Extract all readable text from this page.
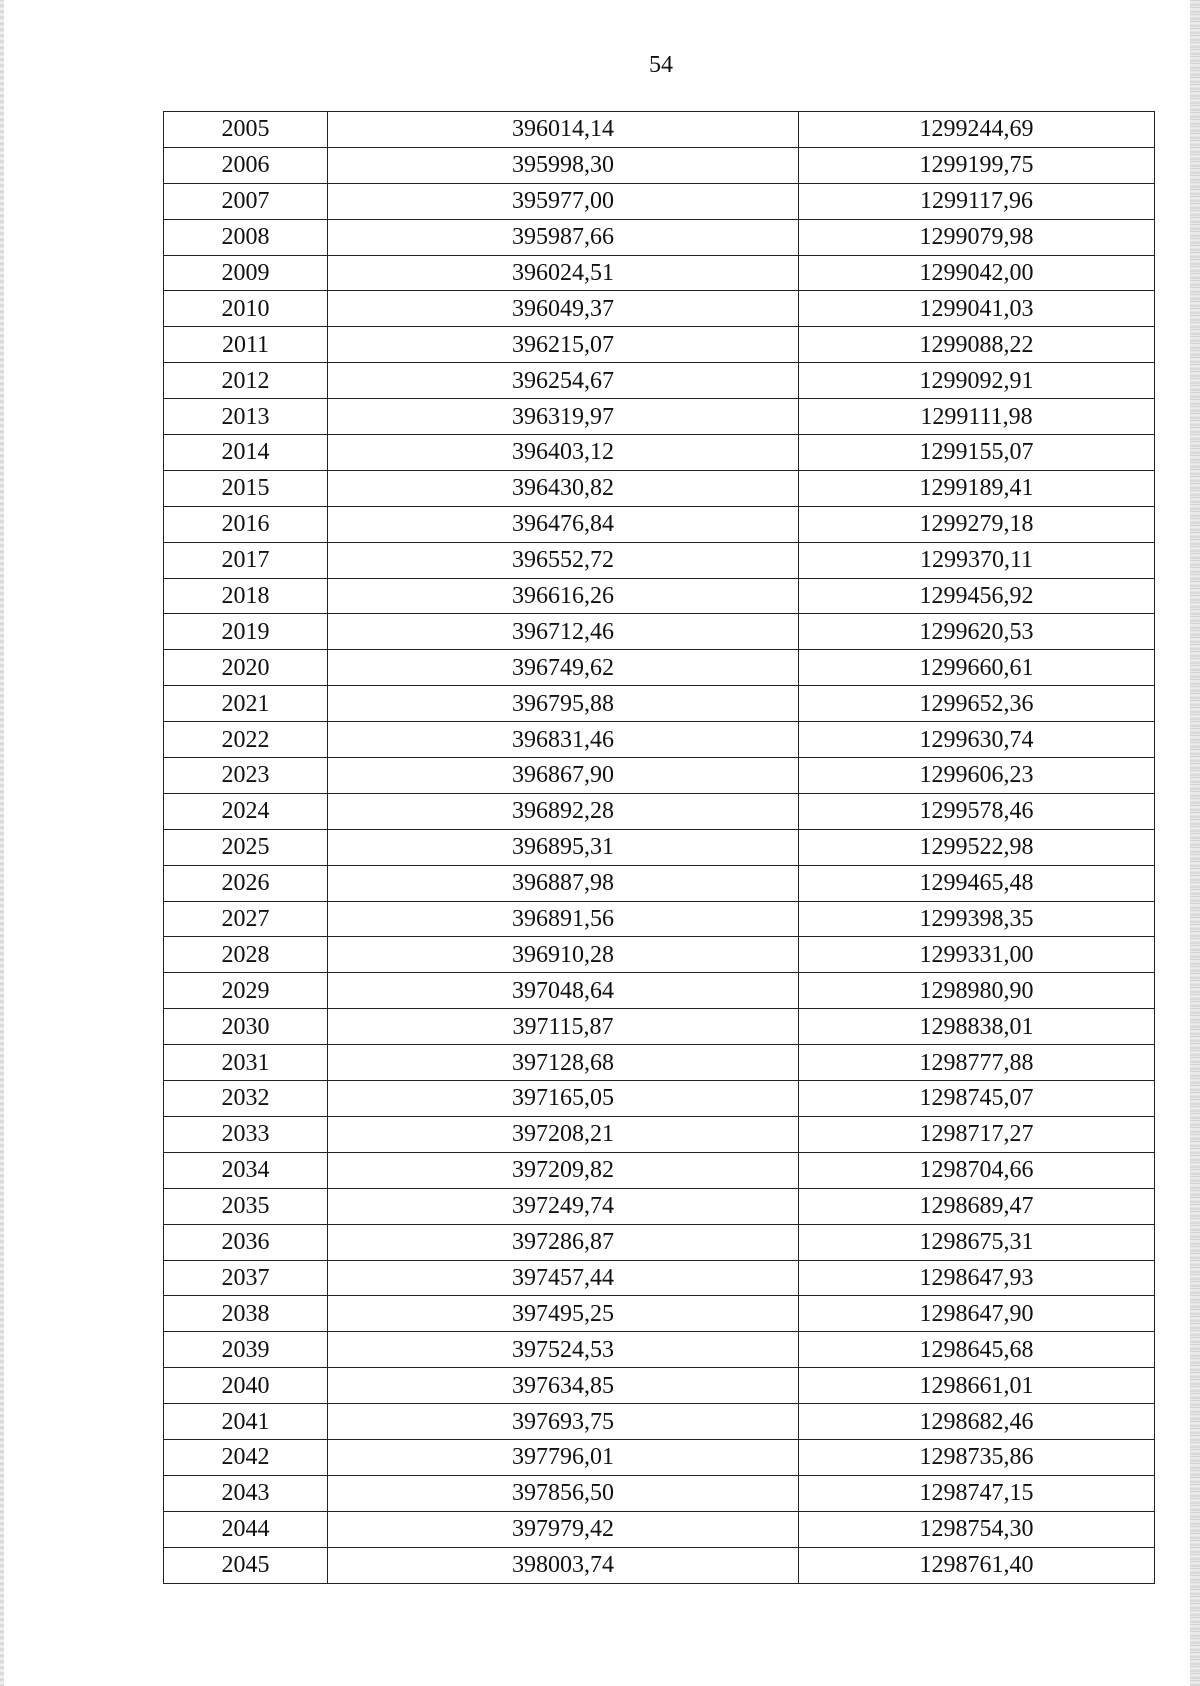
54
2005	396014,14	1299244,69
2006	395998,30	1299199,75
2007	395977,00	1299117,96
2008	395987,66	1299079,98
2009	396024,51	1299042,00
2010	396049,37	1299041,03
2011	396215,07	1299088,22
2012	396254,67	1299092,91
2013	396319,97	1299111,98
2014	396403,12	1299155,07
2015	396430,82	1299189,41
2016	396476,84	1299279,18
2017	396552,72	1299370,11
2018	396616,26	1299456,92
2019	396712,46	1299620,53
2020	396749,62	1299660,61
2021	396795,88	1299652,36
2022	396831,46	1299630,74
2023	396867,90	1299606,23
2024	396892,28	1299578,46
2025	396895,31	1299522,98
2026	396887,98	1299465,48
2027	396891,56	1299398,35
2028	396910,28	1299331,00
2029	397048,64	1298980,90
2030	397115,87	1298838,01
2031	397128,68	1298777,88
2032	397165,05	1298745,07
2033	397208,21	1298717,27
2034	397209,82	1298704,66
2035	397249,74	1298689,47
2036	397286,87	1298675,31
2037	397457,44	1298647,93
2038	397495,25	1298647,90
2039	397524,53	1298645,68
2040	397634,85	1298661,01
2041	397693,75	1298682,46
2042	397796,01	1298735,86
2043	397856,50	1298747,15
2044	397979,42	1298754,30
2045	398003,74	1298761,40
